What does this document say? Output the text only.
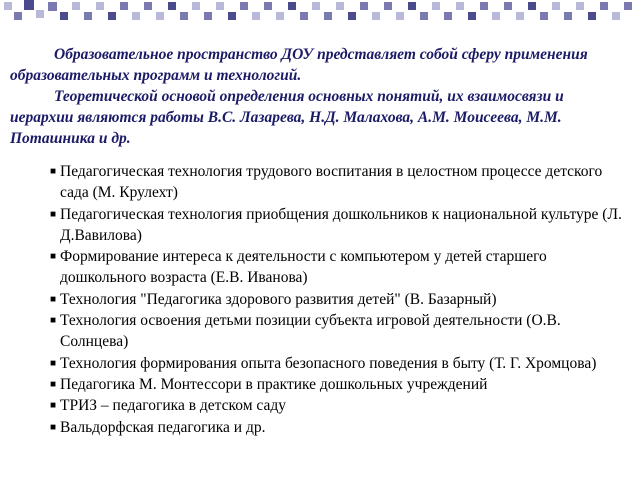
Образовательное пространство ДОУ представляет собой сферу применения образовательных программ и технологий.

Теоретической основой определения основных понятий, их взаимосвязи и иерархии являются работы В.С. Лазарева, Н.Д. Малахова, А.М. Моисеева, М.М. Поташника и др.

■ Педагогическая технология трудового воспитания в целостном процессе детского сада (М. Крулехт)
■ Педагогическая технология приобщения дошкольников к национальной культуре (Л. Д.Вавилова)
■ Формирование интереса к деятельности с компьютером у детей старшего дошкольного возраста (Е.В. Иванова)
■ Технология "Педагогика здорового развития детей" (В. Базарный)
■ Технология освоения детьми позиции субъекта игровой деятельности (О.В. Солнцева)
■ Технология формирования опыта безопасного поведения в быту (Т. Г. Хромцова)
■ Педагогика М. Монтессори в практике дошкольных учреждений
■ ТРИЗ – педагогика в детском саду
■ Вальдорфская педагогика и др.
